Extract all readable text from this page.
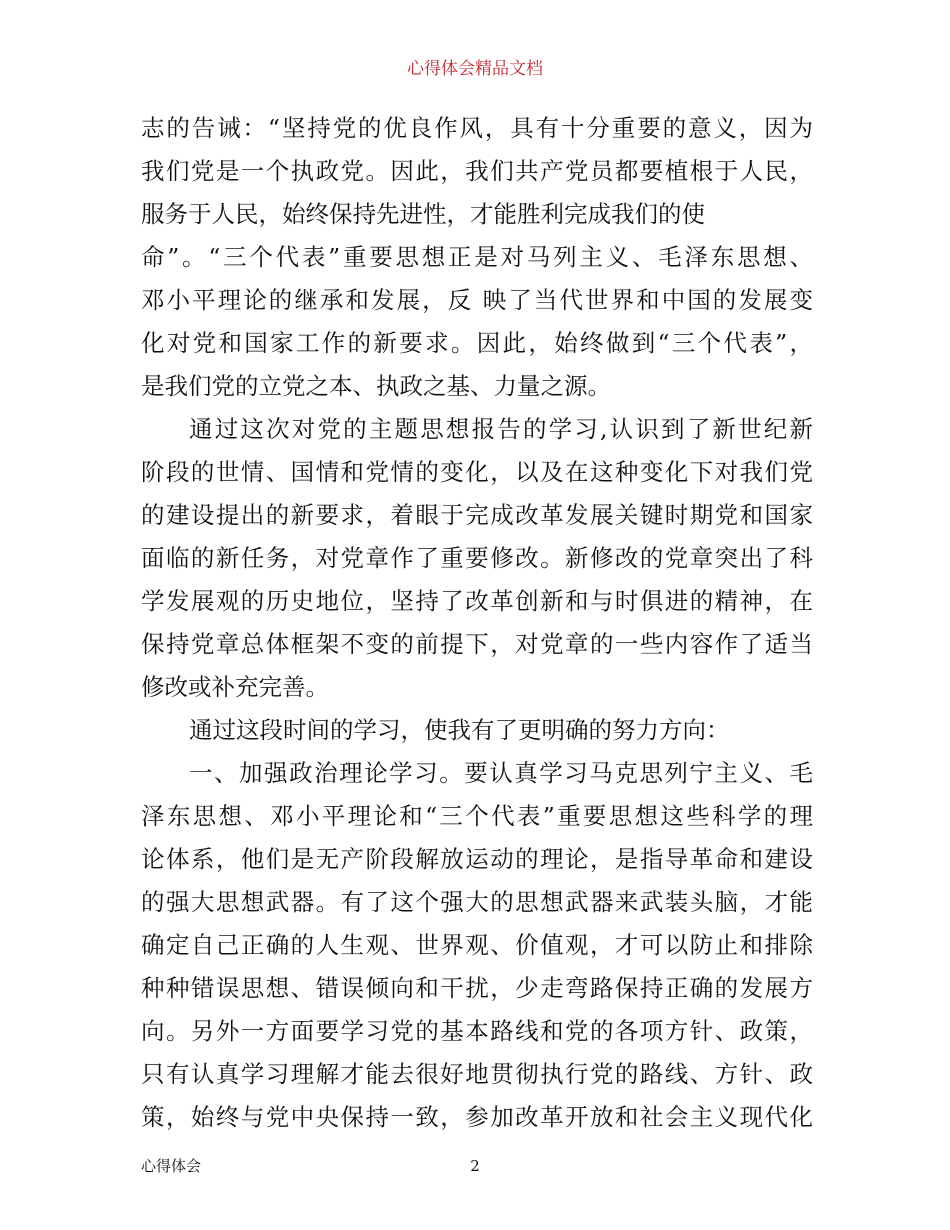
心得体会精品文档
志的告诫：“坚持党的优良作风，具有十分重要的意义，因为
我们党是一个执政党。因此，我们共产党员都要植根于人民，
服务于人民，始终保持先进性，才能胜利完成我们的使
命”。“三个代表”重要思想正是对马列主义、毛泽东思想、
邓小平理论的继承和发展，反 映了当代世界和中国的发展变
化对党和国家工作的新要求。因此，始终做到“三个代表”，
是我们党的立党之本、执政之基、力量之源。
通过这次对党的主题思想报告的学习,认识到了新世纪新
阶段的世情、国情和党情的变化，以及在这种变化下对我们党
的建设提出的新要求，着眼于完成改革发展关键时期党和国家
面临的新任务，对党章作了重要修改。新修改的党章突出了科
学发展观的历史地位，坚持了改革创新和与时俱进的精神，在
保持党章总体框架不变的前提下，对党章的一些内容作了适当
修改或补充完善。
通过这段时间的学习，使我有了更明确的努力方向：
一、加强政治理论学习。要认真学习马克思列宁主义、毛
泽东思想、邓小平理论和“三个代表”重要思想这些科学的理
论体系，他们是无产阶段解放运动的理论，是指导革命和建设
的强大思想武器。有了这个强大的思想武器来武装头脑，才能
确定自己正确的人生观、世界观、价值观，才可以防止和排除
种种错误思想、错误倾向和干扰，少走弯路保持正确的发展方
向。另外一方面要学习党的基本路线和党的各项方针、政策，
只有认真学习理解才能去很好地贯彻执行党的路线、方针、政
策，始终与党中央保持一致，参加改革开放和社会主义现代化
心得体会	2
